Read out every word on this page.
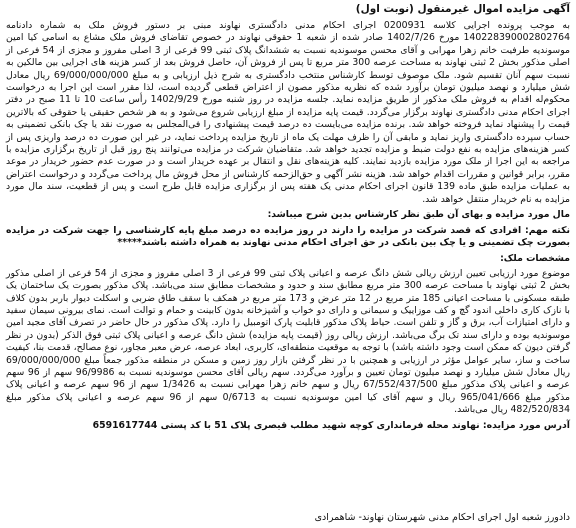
آگهی مزایده اموال غیرمنقول (نوبت اول)
به موجب پرونده اجرایی کلاسه 0200931 اجرای احکام مدنی دادگستری نهاوند مبنی بر دستور فروش ملک به شماره دادنامه 140228390002802764 مورخ 1402/7/26 صادر شده از شعبه 1 حقوقی نهاوند در خصوص تقاضای فروش ملک مشاع به اسامی کیا امین موسوندیه طرفیت خانم زهرا مهرابی و آقای محسن موسوندیه نسبت به ششدانگ پلاک ثبتی 99 فرعی از 3 اصلی مفروز و مجزی از 54 فرعی از اصلی مذکور بخش 2 ثبتی نهاوند به مساحت عرصه 300 متر مربع تا پس از فروش آن، حاصل فروش بعد از کسر هزینه های اجرایی بین مالکین به نسبت سهم آنان تقسیم شود. ملک موصوف توسط کارشناس منتخب دادگستری به شرح ذیل ارزیابی و به مبلغ 69/000/000/000 ریال معادل شش میلیارد و نهصد میلیون تومان برآورد شده که نظریه مذکور مصون از اعتراض قطعی گردیده است، لذا مقرر است این اجرا به درخواست محکوم‌له اقدام به فروش ملک مذکور از طریق مزایده نماید. جلسه مزایده در روز شنبه مورخ 1402/9/29 رأس ساعت 10 تا 11 صبح در دفتر اجرای احکام مدنی دادگستری نهاوند برگزار می‌گردد. قیمت پایه مزایده از مبلغ ارزیابی شروع می‌شود و به هر شخص حقیقی یا حقوقی که بالاترین قیمت را پیشنهاد نماید فروخته خواهد شد. برنده مزایده می‌بایست ده درصد قیمت پیشنهادی را فی‌المجلس به صورت نقد یا چک بانکی تضمینی به حساب سپرده دادگستری واریز نماید و مابقی آن را ظرف مهلت یک ماه از تاریخ مزایده پرداخت نماید، در غیر این صورت ده درصد واریزی پس از کسر هزینه‌های مزایده به نفع دولت ضبط و مزایده تجدید خواهد شد. متقاضیان شرکت در مزایده می‌توانند پنج روز قبل از تاریخ برگزاری مزایده با مراجعه به این اجرا از ملک مورد مزایده بازدید نمایند. کلیه هزینه‌های نقل و انتقال بر عهده خریدار است و در صورت عدم حضور خریدار در موعد مقرر، برابر قوانین و مقررات اقدام خواهد شد. هزینه نشر آگهی و حق‌الزحمه کارشناس از محل فروش مال پرداخت می‌گردد و درخواست اعتراض به عملیات مزایده طبق ماده 139 قانون اجرای احکام مدنی یک هفته پس از برگزاری مزایده قابل طرح است و پس از قطعیت، سند مال مورد مزایده به نام خریدار منتقل خواهد شد.
مال مورد مزایده و بهای آن طبق نظر کارشناس بدین شرح میباشد:
نکته مهم: افرادی که قصد شرکت در مزایده را دارند در روز مزایده ده درصد مبلغ پایه کارشناسی را جهت شرکت در مزایده بصورت چک تضمینی و یا چک بین بانکی در حق اجرای احکام مدنی نهاوند به همراه داشته باشند*****
مشخصات ملک:
موضوع مورد ارزیابی تعیین ارزش ریالی شش دانگ عرصه و اعیانی پلاک ثبتی 99 فرعی از 3 اصلی مفروز و مجزی از 54 فرعی از اصلی مذکور بخش 2 ثبتی نهاوند با مساحت عرصه 300 متر مربع مطابق سند و حدود و مشخصات مطابق سند می‌باشد. پلاک مذکور بصورت یک ساختمان یک طبقه مسکونی با مساحت اعیانی 185 متر مربع در 12 متر عرض و 173 متر مربع در همکف با سقف طاق ضربی و اسکلت دیوار باربر بدون کلاف با نازک کاری داخلی اندود گچ و کف موزاییک و سیمانی و دارای دو خواب و آشپزخانه بدون کابینت و حمام و توالت است. نمای بیرونی سیمان سفید و دارای امتیازات آب، برق و گاز و تلفن است. حیاط پلاک مذکور قابلیت پارک اتومبیل را دارد. پلاک مذکور در حال حاضر در تصرف آقای مجید امین موسوندیه بوده و دارای سند تک برگ می‌باشد. ارزش ریالی روز (قیمت پایه مزایده) شش دانگ عرصه و اعیانی پلاک ثبتی فوق الذکر (بدون در نظر گرفتن دیون که ممکن است وجود داشته باشد) با توجه به موقعیت منطقه‌ای، کاربری، ابعاد عرصه، عرض معبر مجاور، نوع مصالح، قدمت بنا، کیفیت ساخت و ساز، سایر عوامل مؤثر در ارزیابی و همچنین با در نظر گرفتن بازار روز زمین و مسکن در منطقه مذکور جمعاً مبلغ 69/000/000/000 ریال معادل شش میلیارد و نهصد میلیون تومان تعیین و برآورد می‌گردد. سهم ریالی آقای محسن موسوندیه نسبت به 96/9986 سهم از 96 سهم عرصه و اعیانی پلاک مذکور مبلغ 67/552/437/500 ریال و سهم خانم زهرا مهرابی نسبت به 1/3426 سهم از 96 سهم عرصه و اعیانی پلاک مذکور مبلغ 965/041/666 ریال و سهم آقای کیا امین موسوندیه نسبت به 0/6713 سهم از 96 سهم عرصه و اعیانی پلاک مذکور مبلغ 482/520/834 ریال می‌باشد.
آدرس مورد مزایده: نهاوند محله فرمانداری کوچه شهید مطلب قیصری پلاک 51 با کد پستی 6591617744
دادورز شعبه اول اجرای احکام مدنی شهرستان نهاوند- شاهمرادی
